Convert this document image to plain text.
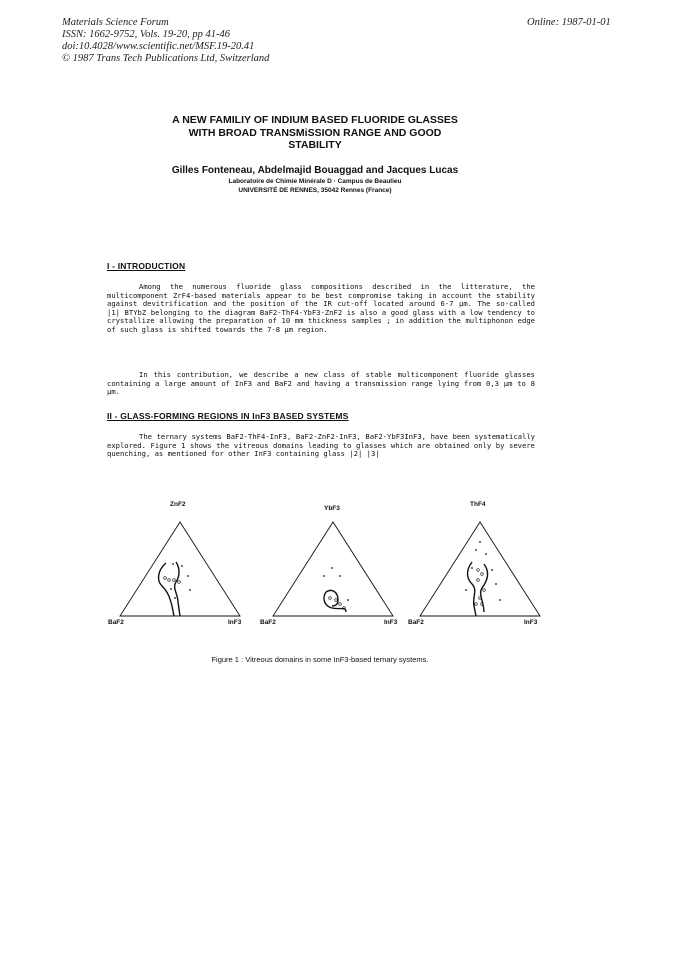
Materials Science Forum
ISSN: 1662-9752, Vols. 19-20, pp 41-46
doi:10.4028/www.scientific.net/MSF.19-20.41
© 1987 Trans Tech Publications Ltd, Switzerland
Online: 1987-01-01
A NEW FAMILIY OF INDIUM BASED FLUORIDE GLASSES
WITH BROAD TRANSMiSSION RANGE AND GOOD
STABILITY
Gilles Fonteneau, Abdelmajid Bouaggad and Jacques Lucas
Laboratoire de Chimie Minérale D · Campus de Beaulieu
UNIVERSITÉ DE RENNES, 35042 Rennes (France)
I - INTRODUCTION
Among the numerous fluoride glass compositions described in the litterature, the multicomponent ZrF4-based materials appear to be best compromise taking in account the stability against devitrification and the position of the IR cut-off located around 6-7 µm. The so-called |1| BTYbZ belonging to the diagram BaF2-ThF4-YbF3-ZnF2 is also a good glass with a low tendency to crystallize allowing the preparation of 10 mm thickness samples ; in addition the multiphonon edge of such glass is shifted towards the 7-8 µm region.
In this contribution, we describe a new class of stable multicomponent fluoride glasses containing a large amount of InF3 and BaF2 and having a transmission range lying from 0,3 µm to 8 µm.
II - GLASS-FORMING REGIONS IN InF3 BASED SYSTEMS
The ternary systems BaF2-ThF4-InF3, BaF2-ZnF2-InF3, BaF2-YbF3InF3, have been systematically explored. Figure 1 shows the vitreous domains leading to glasses which are obtained only by severe quenching, as mentioned for other InF3 containing glass |2| |3|
ZnF2
BaF2	InF3
YbF3
BaF2	InF3
ThF4
BaF2	InF3
Figure 1 : Vitreous domains in some InF3-based ternary systems.
